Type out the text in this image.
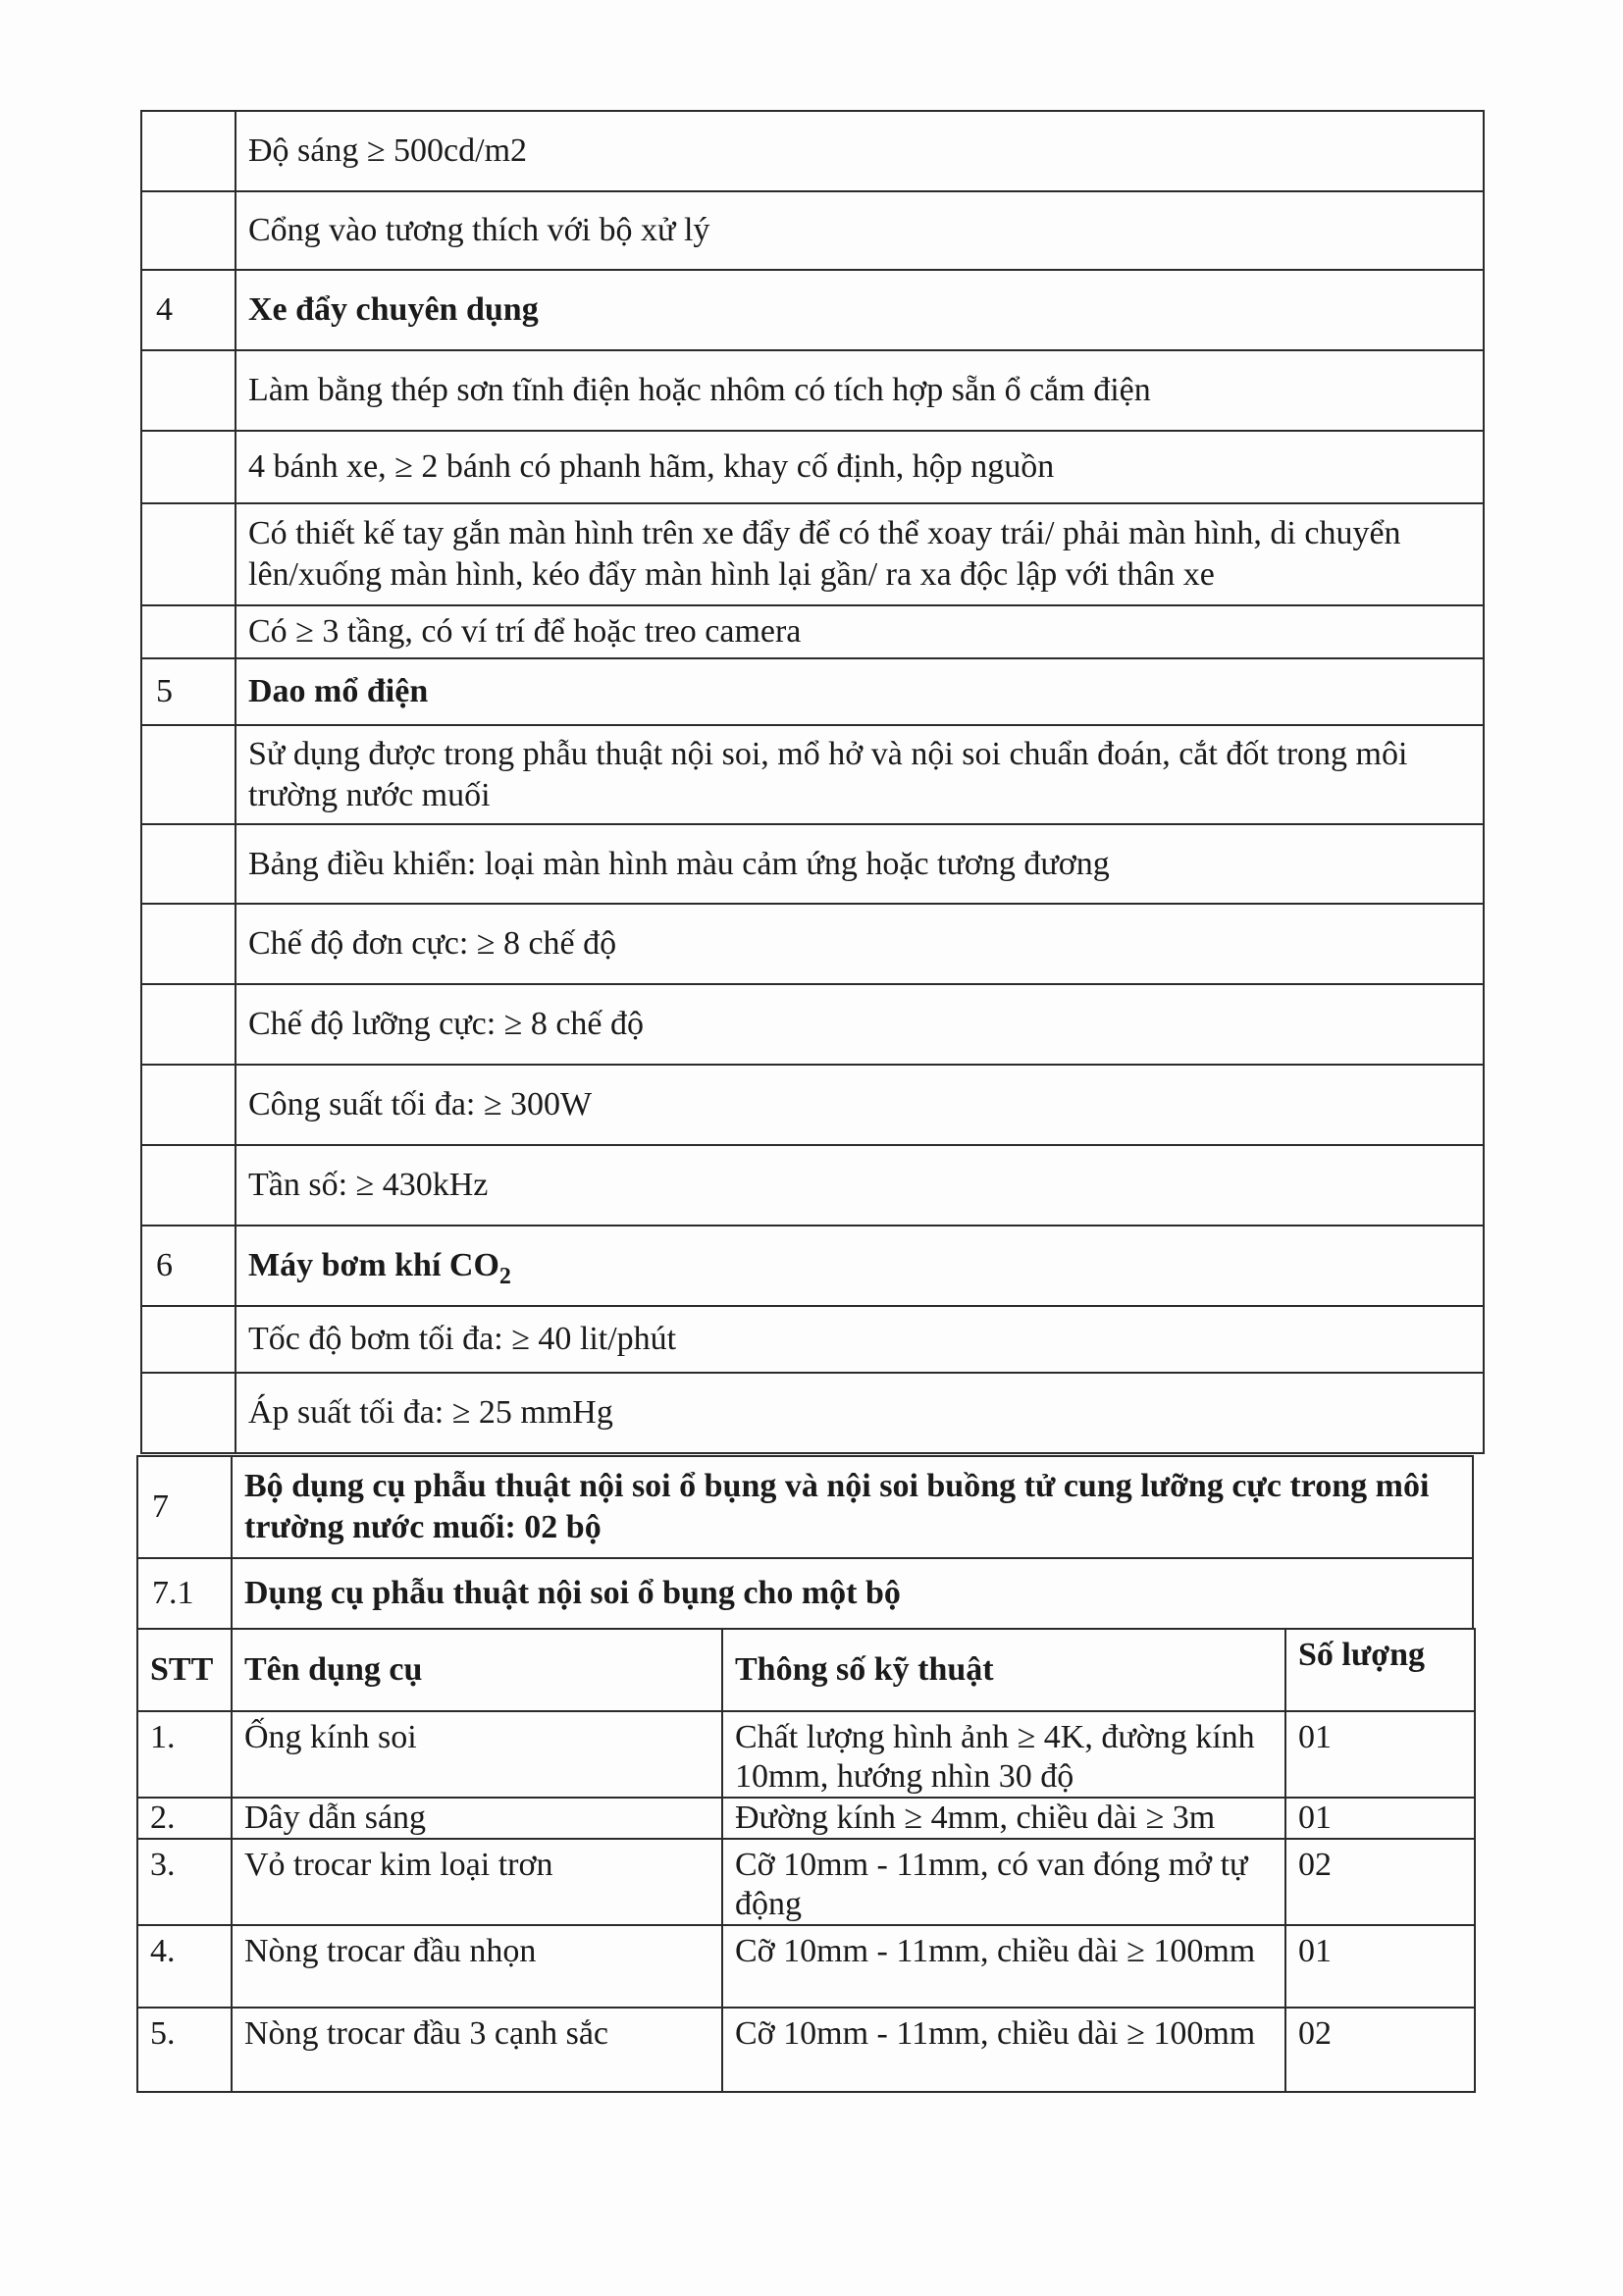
	Độ sáng ≥ 500cd/m2
	Cổng vào tương thích với bộ xử lý
4	Xe đẩy chuyên dụng
	Làm bằng thép sơn tĩnh điện hoặc nhôm có tích hợp sẵn ổ cắm điện
	4 bánh xe, ≥ 2 bánh có phanh hãm, khay cố định, hộp nguồn
	Có thiết kế tay gắn màn hình trên xe đẩy để có thể xoay trái/ phải màn hình, di chuyển lên/xuống màn hình, kéo đẩy màn hình lại gần/ ra xa độc lập với thân xe
	Có ≥ 3 tầng, có ví trí để hoặc treo camera
5	Dao mổ điện
	Sử dụng được trong phẫu thuật nội soi, mổ hở và nội soi chuẩn đoán, cắt đốt trong môi trường nước muối
	Bảng điều khiển: loại màn hình màu cảm ứng hoặc tương đương
	Chế độ đơn cực: ≥ 8 chế độ
	Chế độ lưỡng cực: ≥ 8 chế độ
	Công suất tối đa: ≥ 300W
	Tần số: ≥ 430kHz
6	Máy bơm khí $CO_2$
	Tốc độ bơm tối đa: ≥ 40 lit/phút
	Áp suất tối đa: ≥ 25 mmHg
7	Bộ dụng cụ phẫu thuật nội soi ổ bụng và nội soi buồng tử cung lưỡng cực trong môi trường nước muối: 02 bộ
7.1	Dụng cụ phẫu thuật nội soi ổ bụng cho một bộ
STT	Tên dụng cụ	Thông số kỹ thuật	Số lượng
1.	Ống kính soi	Chất lượng hình ảnh ≥ 4K, đường kính 10mm, hướng nhìn 30 độ	01
2.	Dây dẫn sáng	Đường kính ≥ 4mm, chiều dài ≥ 3m	01
3.	Vỏ trocar kim loại trơn	Cỡ 10mm - 11mm, có van đóng mở tự động	02
4.	Nòng trocar đầu nhọn	Cỡ 10mm - 11mm, chiều dài ≥ 100mm	01
5.	Nòng trocar đầu 3 cạnh sắc	Cỡ 10mm - 11mm, chiều dài ≥ 100mm	02
